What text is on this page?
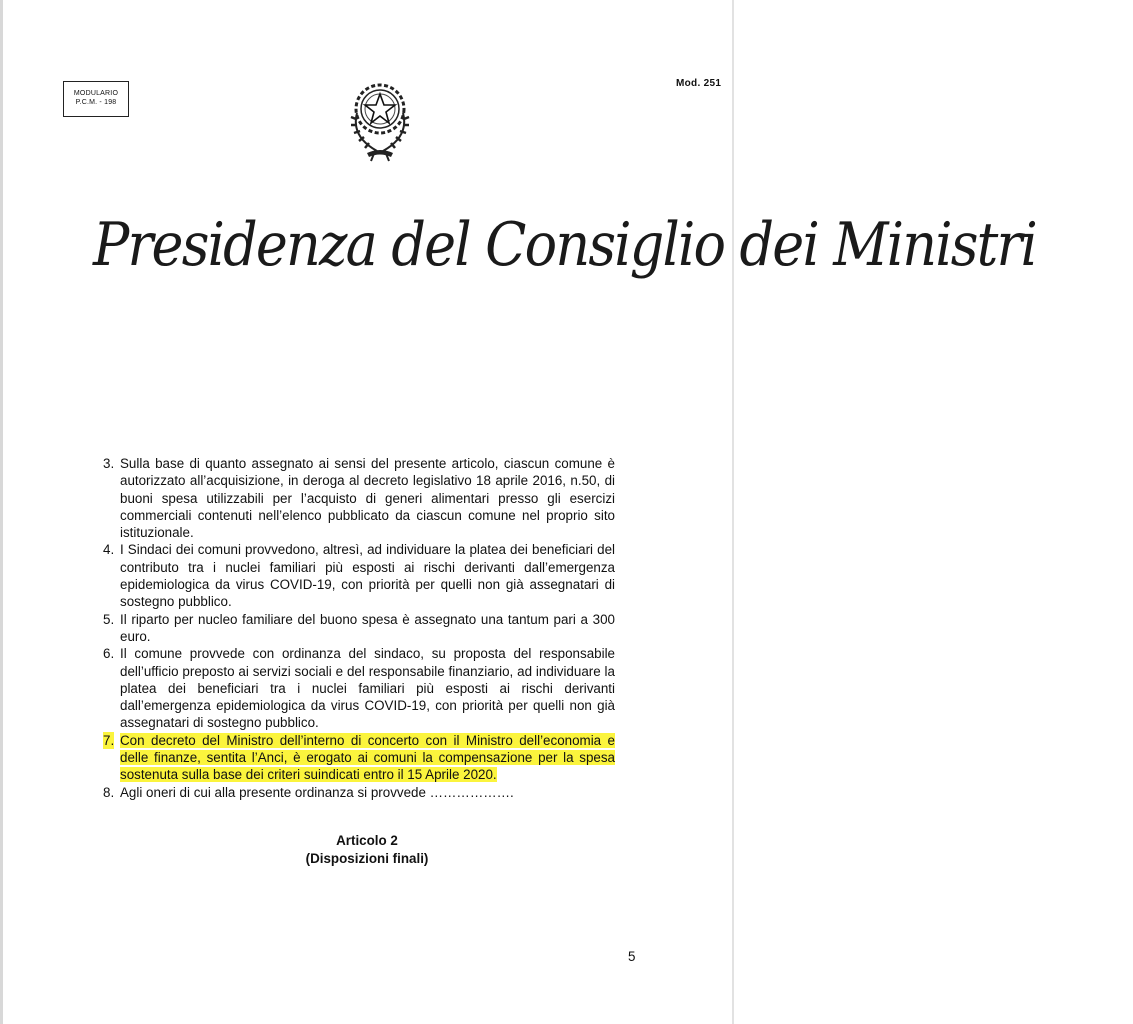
MODULARIO
P.C.M. - 198
Mod. 251
Presidenza del Consiglio dei Ministri
3. Sulla base di quanto assegnato ai sensi del presente articolo, ciascun comune è autorizzato all’acquisizione, in deroga al decreto legislativo 18 aprile 2016, n.50, di buoni spesa utilizzabili per l’acquisto di generi alimentari presso gli esercizi commerciali contenuti nell’elenco pubblicato da ciascun comune nel proprio sito istituzionale.
4. I Sindaci dei comuni provvedono, altresì, ad individuare la platea dei beneficiari del contributo tra i nuclei familiari più esposti ai rischi derivanti dall’emergenza epidemiologica da virus COVID-19, con priorità per quelli non già assegnatari di sostegno pubblico.
5. Il riparto per nucleo familiare del buono spesa è assegnato una tantum pari a 300 euro.
6. Il comune provvede con ordinanza del sindaco, su proposta del responsabile dell’ufficio preposto ai servizi sociali e del responsabile finanziario, ad individuare la platea dei beneficiari tra i nuclei familiari più esposti ai rischi derivanti dall’emergenza epidemiologica da virus COVID-19, con priorità per quelli non già assegnatari di sostegno pubblico.
7. Con decreto del Ministro dell’interno di concerto con il Ministro dell’economia e delle finanze, sentita l’Anci, è erogato ai comuni la compensazione per la spesa sostenuta sulla base dei criteri suindicati entro il 15 Aprile 2020.
8. Agli oneri di cui alla presente ordinanza si provvede ……………….
Articolo 2
(Disposizioni finali)
5
